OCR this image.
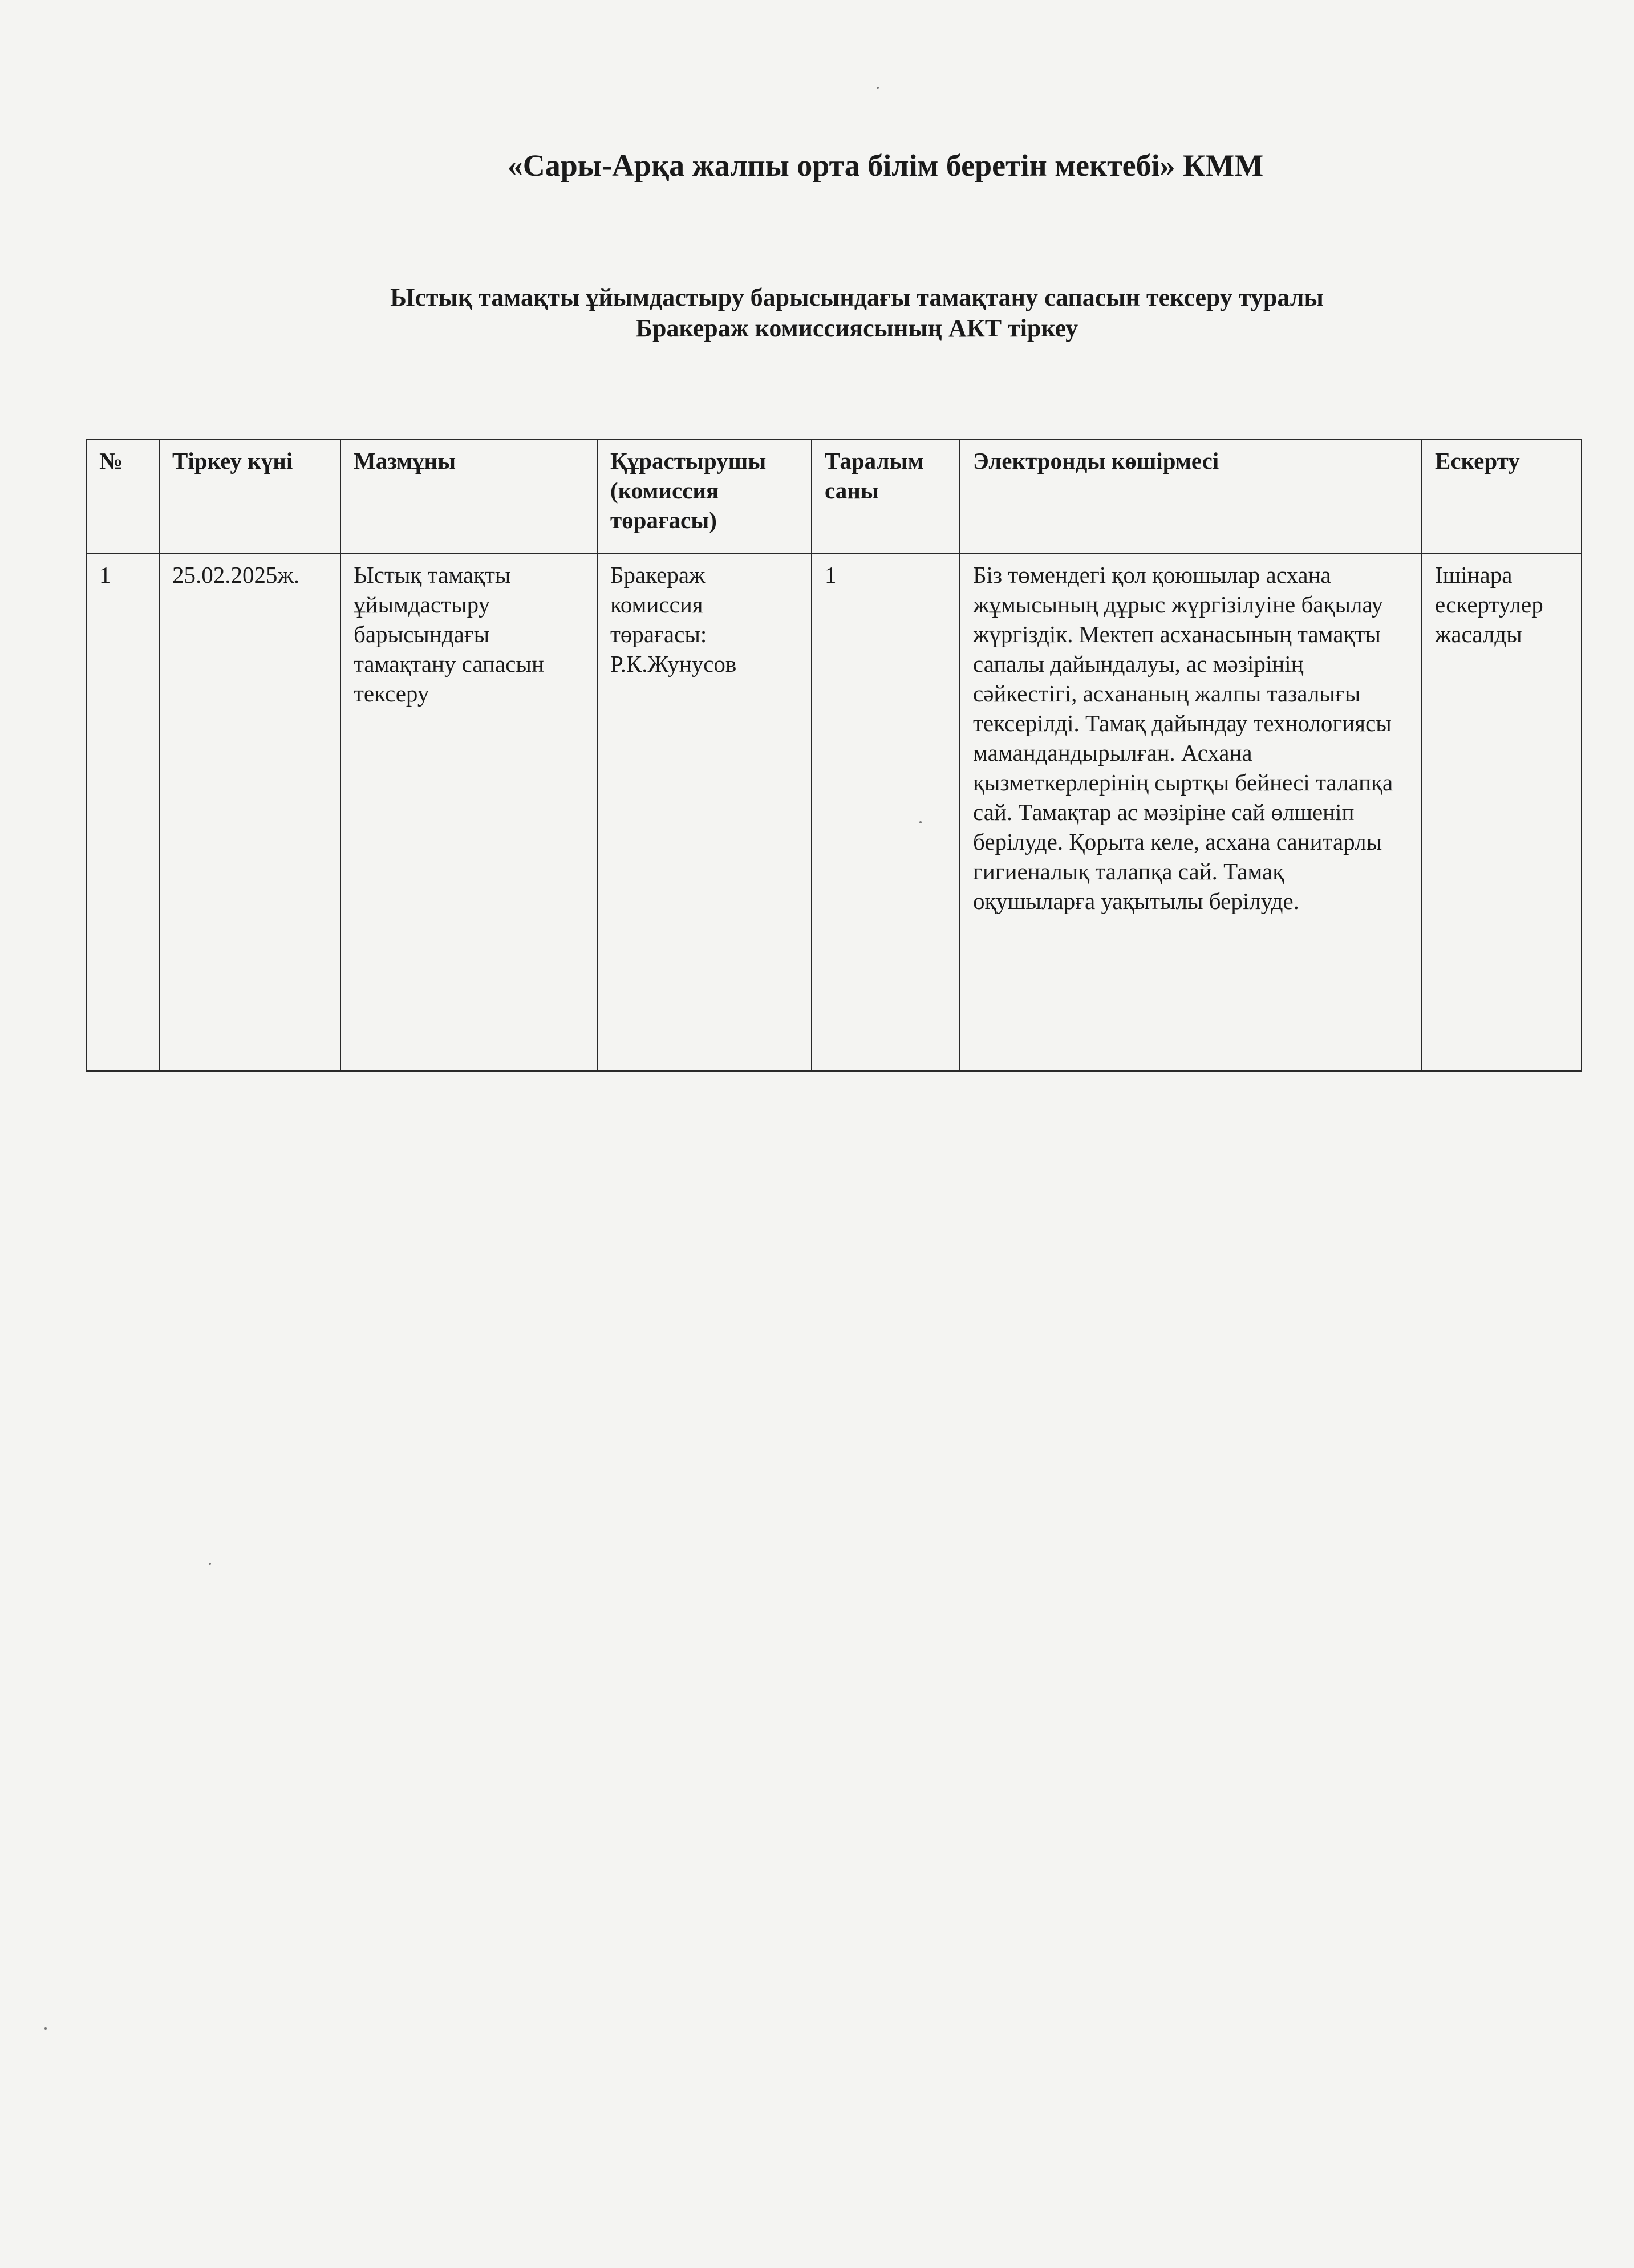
«Сары-Арқа жалпы орта білім беретін мектебі» КММ
Ыстық тамақты ұйымдастыру барысындағы тамақтану сапасын тексеру туралы
Бракераж комиссиясының АКТ тіркеу
№	Тіркеу күні	Мазмұны	Құрастырушы (комиссия төрағасы)	Таралым саны	Электронды көшірмесі	Ескерту
1	25.02.2025ж.	Ыстық тамақты ұйымдастыру барысындағы тамақтану сапасын тексеру	Бракераж комиссия төрағасы: Р.К.Жунусов	1	Біз төмендегі қол қоюшылар асхана жұмысының дұрыс жүргізілуіне бақылау жүргіздік. Мектеп асханасының тамақты сапалы дайындалуы, ас мәзірінің сәйкестігі, асхананың жалпы тазалығы тексерілді. Тамақ дайындау технологиясы мамандандырылған. Асхана қызметкерлерінің сыртқы бейнесі талапқа сай. Тамақтар ас мәзіріне сай өлшеніп берілуде. Қорыта келе, асхана санитарлы гигиеналық талапқа сай. Тамақ оқушыларға уақытылы берілуде.	Ішінара ескертулер жасалды
